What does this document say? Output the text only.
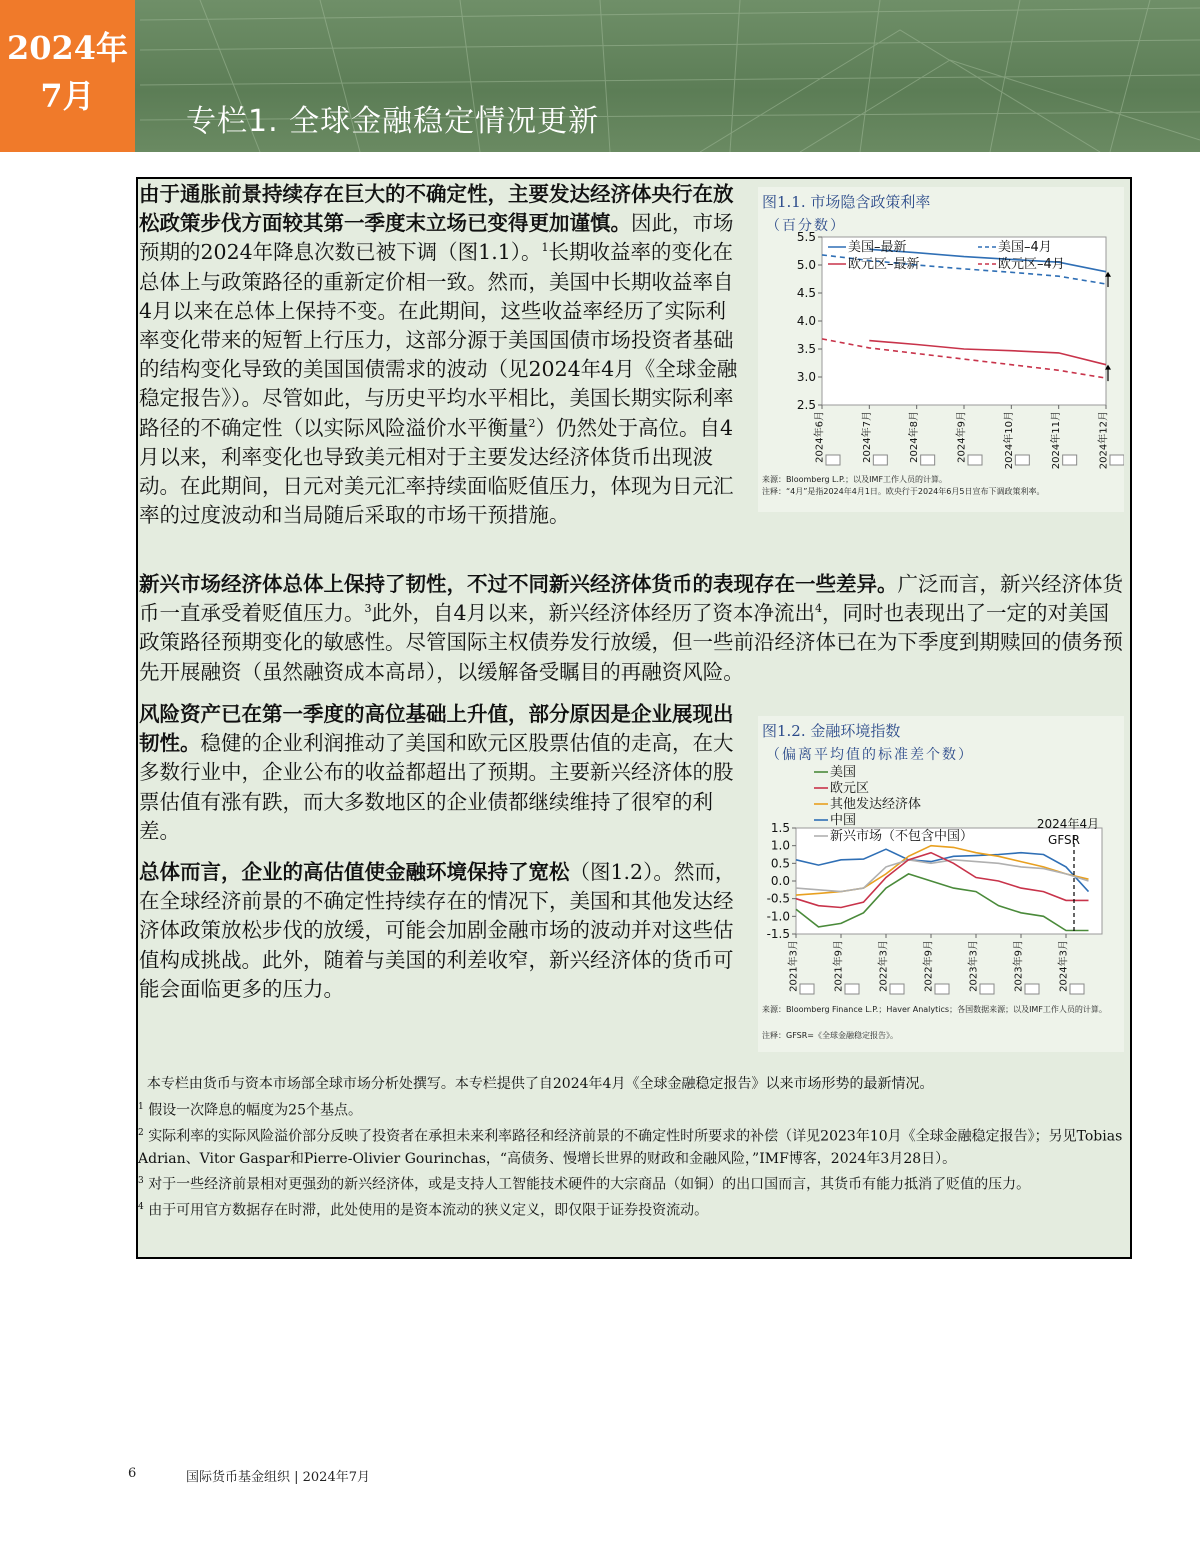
2024年
7月
专栏1. 全球金融稳定情况更新
由于通胀前景持续存在巨大的不确定性，主要发达经济体央行在放松政策步伐方面较其第一季度末立场已变得更加谨慎。因此，市场预期的2024年降息次数已被下调（图1.1）。$^1$长期收益率的变化在总体上与政策路径的重新定价相一致。然而，美国中长期收益率自4月以来在总体上保持不变。在此期间，这些收益率经历了实际利率变化带来的短暂上行压力，这部分源于美国国债市场投资者基础的结构变化导致的美国国债需求的波动（见2024年4月《全球金融稳定报告》）。尽管如此，与历史平均水平相比，美国长期实际利率路径的不确定性（以实际风险溢价水平衡量$^2$）仍然处于高位。自4月以来，利率变化也导致美元相对于主要发达经济体货币出现波动。在此期间，日元对美元汇率持续面临贬值压力，体现为日元汇率的过度波动和当局随后采取的市场干预措施。
新兴市场经济体总体上保持了韧性，不过不同新兴经济体货币的表现存在一些差异。广泛而言，新兴经济体货币一直承受着贬值压力。$^3$此外，自4月以来，新兴经济体经历了资本净流出$^4$，同时也表现出了一定的对美国政策路径预期变化的敏感性。尽管国际主权债券发行放缓，但一些前沿经济体已在为下季度到期赎回的债务预先开展融资（虽然融资成本高昂），以缓解备受瞩目的再融资风险。
风险资产已在第一季度的高位基础上升值，部分原因是企业展现出韧性。稳健的企业利润推动了美国和欧元区股票估值的走高，在大多数行业中，企业公布的收益都超出了预期。主要新兴经济体的股票估值有涨有跌，而大多数地区的企业债都继续维持了很窄的利差。
总体而言，企业的高估值使金融环境保持了宽松（图1.2）。然而，在全球经济前景的不确定性持续存在的情况下，美国和其他发达经济体政策放松步伐的放缓，可能会加剧金融市场的波动并对这些估值构成挑战。此外，随着与美国的利差收窄，新兴经济体的货币可能会面临更多的压力。
图1.1. 市场隐含政策利率
（百分数）
5.5
5.0
4.5
4.0
3.5
3.0
2.5
2024年6月	2024年7月	2024年8月	2024年9月	2024年10月	2024年11月	2024年12月
美国–最新	美国–4月
欧元区–最新	欧元区–4月
来源：Bloomberg L.P.；以及IMF工作人员的计算。
注释：“4月”是指2024年4月1日。欧央行于2024年6月5日宣布下调政策利率。
图1.2. 金融环境指数
（偏离平均值的标准差个数）
1.5
1.0
0.5
0.0
-0.5
-1.0
-1.5
2021年3月	2021年9月	2022年3月	2022年9月	2023年3月	2023年9月	2024年3月
美国
欧元区
其他发达经济体
中国
新兴市场（不包含中国）
2024年4月
GFSR
来源：Bloomberg Finance L.P.；Haver Analytics；各国数据来源；以及IMF工作人员的计算。
注释：GFSR=《全球金融稳定报告》。
本专栏由货币与资本市场部全球市场分析处撰写。本专栏提供了自2024年4月《全球金融稳定报告》以来市场形势的最新情况。
$^1$ 假设一次降息的幅度为25个基点。
$^2$ 实际利率的实际风险溢价部分反映了投资者在承担未来利率路径和经济前景的不确定性时所要求的补偿（详见2023年10月《全球金融稳定报告》；另见Tobias Adrian、Vitor Gaspar和Pierre-Olivier Gourinchas，“高债务、慢增长世界的财政和金融风险，”IMF博客，2024年3月28日）。
$^3$ 对于一些经济前景相对更强劲的新兴经济体，或是支持人工智能技术硬件的大宗商品（如铜）的出口国而言，其货币有能力抵消了贬值的压力。
$^4$ 由于可用官方数据存在时滞，此处使用的是资本流动的狭义定义，即仅限于证券投资流动。
6	国际货币基金组织 | 2024年7月
